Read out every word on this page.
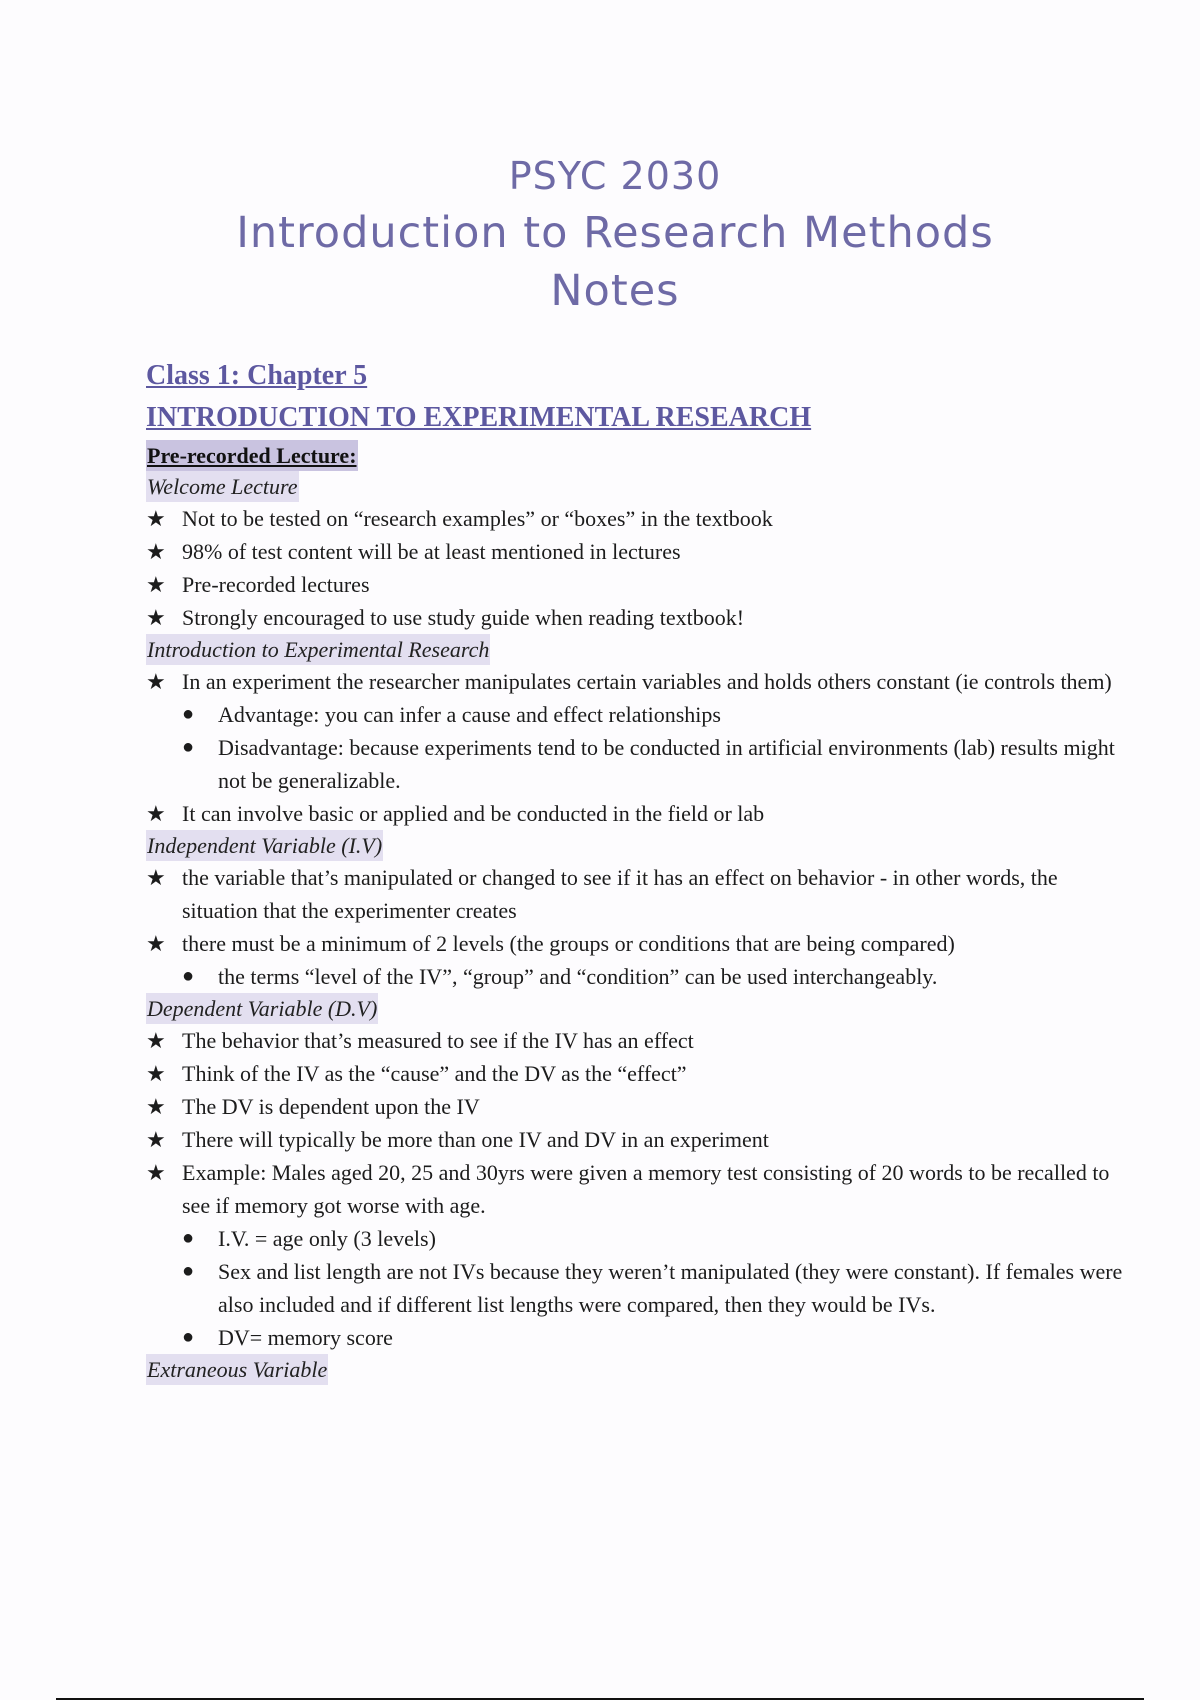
PSYC 2030
Introduction to Research Methods
Notes
Class 1: Chapter 5
INTRODUCTION TO EXPERIMENTAL RESEARCH
Pre-recorded Lecture:
Welcome Lecture
★ Not to be tested on “research examples” or “boxes” in the textbook
★ 98% of test content will be at least mentioned in lectures
★ Pre-recorded lectures
★ Strongly encouraged to use study guide when reading textbook!
Introduction to Experimental Research
★ In an experiment the researcher manipulates certain variables and holds others constant (ie controls them)
● Advantage: you can infer a cause and effect relationships
● Disadvantage: because experiments tend to be conducted in artificial environments (lab) results might
not be generalizable.
★ It can involve basic or applied and be conducted in the field or lab
Independent Variable (I.V)
★ the variable that’s manipulated or changed to see if it has an effect on behavior - in other words, the
situation that the experimenter creates
★ there must be a minimum of 2 levels (the groups or conditions that are being compared)
● the terms “level of the IV”, “group” and “condition” can be used interchangeably.
Dependent Variable (D.V)
★ The behavior that’s measured to see if the IV has an effect
★ Think of the IV as the “cause” and the DV as the “effect”
★ The DV is dependent upon the IV
★ There will typically be more than one IV and DV in an experiment
★ Example: Males aged 20, 25 and 30yrs were given a memory test consisting of 20 words to be recalled to
see if memory got worse with age.
● I.V. = age only (3 levels)
● Sex and list length are not IVs because they weren’t manipulated (they were constant). If females were
also included and if different list lengths were compared, then they would be IVs.
● DV= memory score
Extraneous Variable
